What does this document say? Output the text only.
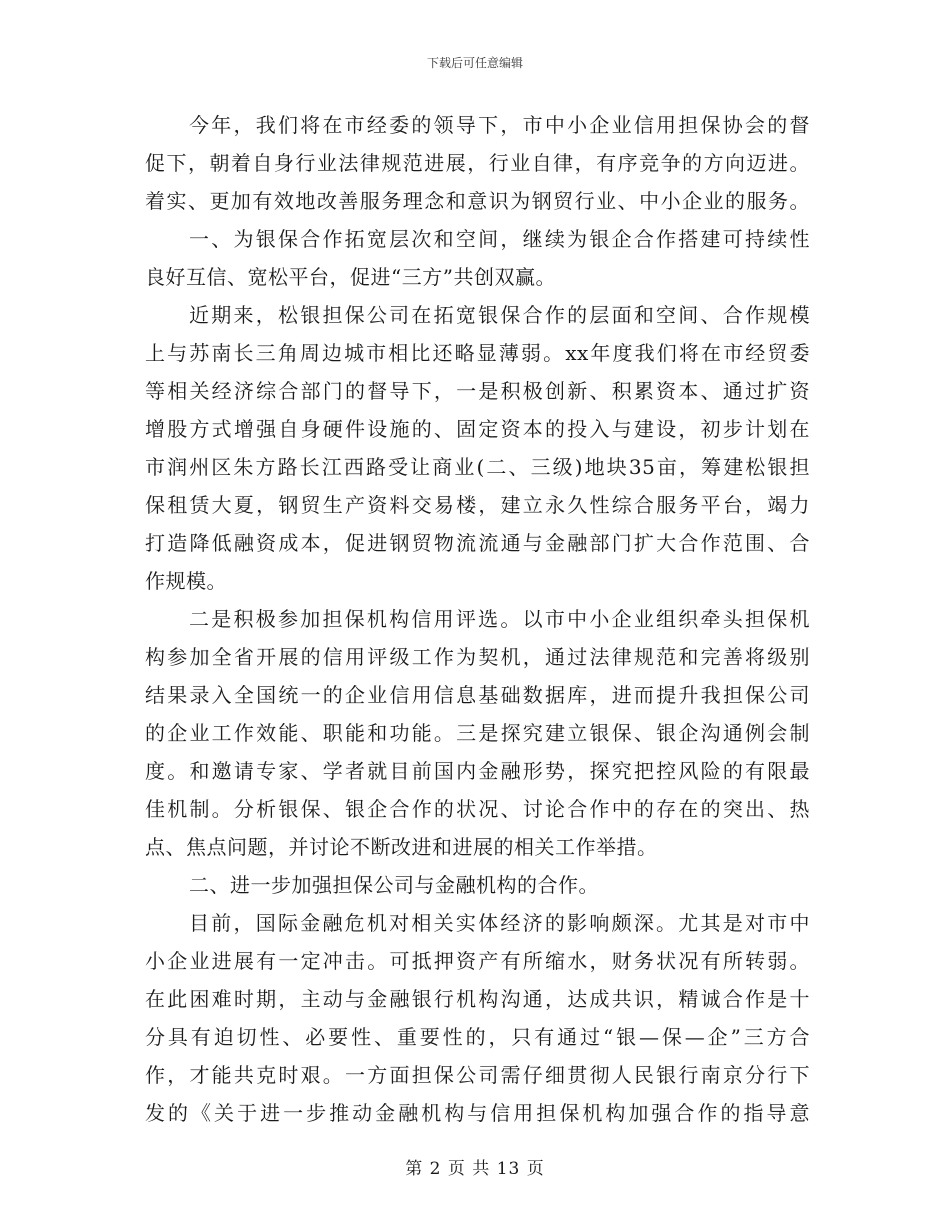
下载后可任意编辑
今年，我们将在市经委的领导下，市中小企业信用担保协会的督
促下，朝着自身行业法律规范进展，行业自律，有序竞争的方向迈进。
着实、更加有效地改善服务理念和意识为钢贸行业、中小企业的服务。
一、为银保合作拓宽层次和空间，继续为银企合作搭建可持续性
良好互信、宽松平台，促进“三方”共创双赢。
近期来，松银担保公司在拓宽银保合作的层面和空间、合作规模
上与苏南长三角周边城市相比还略显薄弱。xx年度我们将在市经贸委
等相关经济综合部门的督导下，一是积极创新、积累资本、通过扩资
增股方式增强自身硬件设施的、固定资本的投入与建设，初步计划在
市润州区朱方路长江西路受让商业(二、三级)地块35亩，筹建松银担
保租赁大夏，钢贸生产资料交易楼，建立永久性综合服务平台，竭力
打造降低融资成本，促进钢贸物流流通与金融部门扩大合作范围、合
作规模。
二是积极参加担保机构信用评选。以市中小企业组织牵头担保机
构参加全省开展的信用评级工作为契机，通过法律规范和完善将级别
结果录入全国统一的企业信用信息基础数据库，进而提升我担保公司
的企业工作效能、职能和功能。三是探究建立银保、银企沟通例会制
度。和邀请专家、学者就目前国内金融形势，探究把控风险的有限最
佳机制。分析银保、银企合作的状况、讨论合作中的存在的突出、热
点、焦点问题，并讨论不断改进和进展的相关工作举措。
二、进一步加强担保公司与金融机构的合作。
目前，国际金融危机对相关实体经济的影响颇深。尤其是对市中
小企业进展有一定冲击。可抵押资产有所缩水，财务状况有所转弱。
在此困难时期，主动与金融银行机构沟通，达成共识，精诚合作是十
分具有迫切性、必要性、重要性的，只有通过“银—保—企”三方合
作，才能共克时艰。一方面担保公司需仔细贯彻人民银行南京分行下
发的《关于进一步推动金融机构与信用担保机构加强合作的指导意
第 2 页 共 13 页
